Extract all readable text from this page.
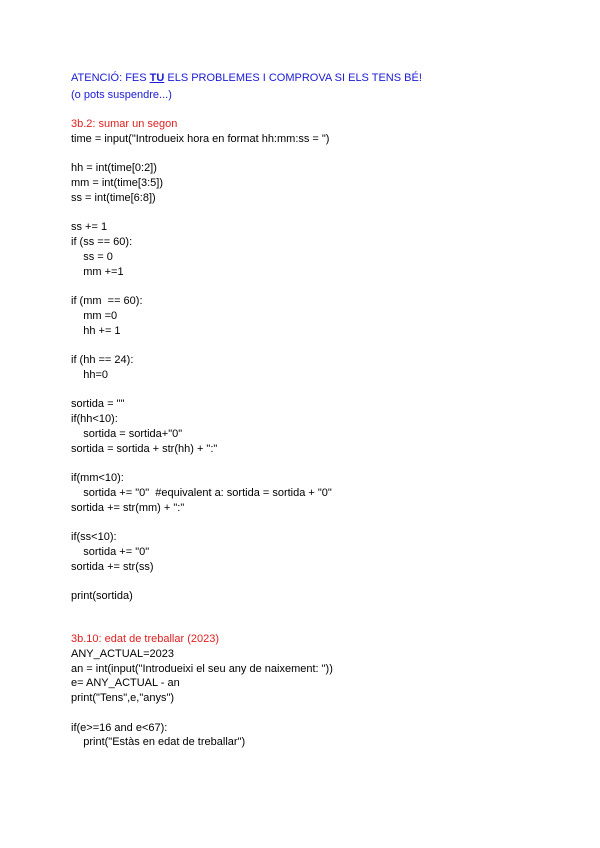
ATENCIÓ: FES TU ELS PROBLEMES I COMPROVA SI ELS TENS BÉ!
(o pots suspendre...)
3b.2: sumar un segon
time = input("Introdueix hora en format hh:mm:ss = ")
hh = int(time[0:2])
mm = int(time[3:5])
ss = int(time[6:8])
ss += 1
if (ss == 60):
ss = 0
mm +=1
if (mm  == 60):
mm =0
hh += 1
if (hh == 24):
hh=0
sortida = ""
if(hh<10):
sortida = sortida+"0"
sortida = sortida + str(hh) + ":"
if(mm<10):
sortida += "0"  #equivalent a: sortida = sortida + "0"
sortida += str(mm) + ":"
if(ss<10):
sortida += "0"
sortida += str(ss)
print(sortida)
3b.10: edat de treballar (2023)
ANY_ACTUAL=2023
an = int(input("Introdueixi el seu any de naixement: "))
e= ANY_ACTUAL - an
print("Tens",e,"anys")
if(e>=16 and e<67):
print("Estàs en edat de treballar")
